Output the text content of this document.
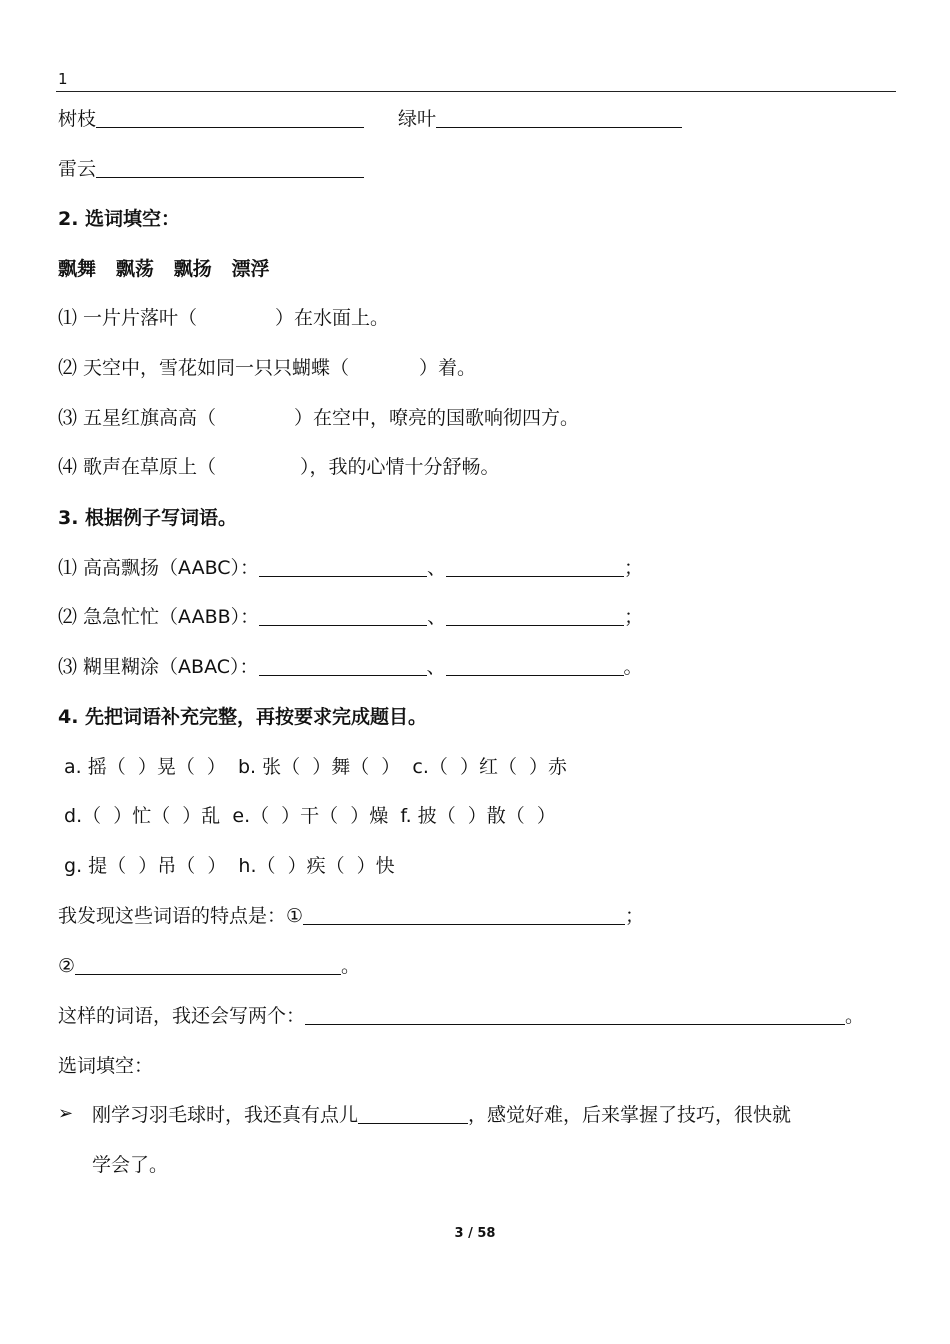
1
树枝	绿叶
雷云
2. 选词填空：
飘舞   飘荡   飘扬   漂浮
⑴ 一片片落叶（	）在水面上。
⑵ 天空中，雪花如同一只只蝴蝶（	）着。
⑶ 五星红旗高高（	）在空中，嘹亮的国歌响彻四方。
⑷ 歌声在草原上（	），我的心情十分舒畅。
3. 根据例子写词语。
⑴ 高高飘扬（AABC）：	、	；
⑵ 急急忙忙（AABB）：	、	；
⑶ 糊里糊涂（ABAC）：	、	。
4. 先把词语补充完整，再按要求完成题目。
a. 摇（  ）晃（  ）  b. 张（  ）舞（  ）  c.（  ）红（  ）赤
d.（  ）忙（  ）乱  e.（  ）干（  ）燥  f. 披（  ）散（  ）
g. 提（  ）吊（  ）  h.（  ）疾（  ）快
我发现这些词语的特点是：①	；
②	。
这样的词语，我还会写两个：	。
选词填空：
➢ 刚学习羽毛球时，我还真有点儿	，感觉好难，后来掌握了技巧，很快就
学会了。
3 / 58
